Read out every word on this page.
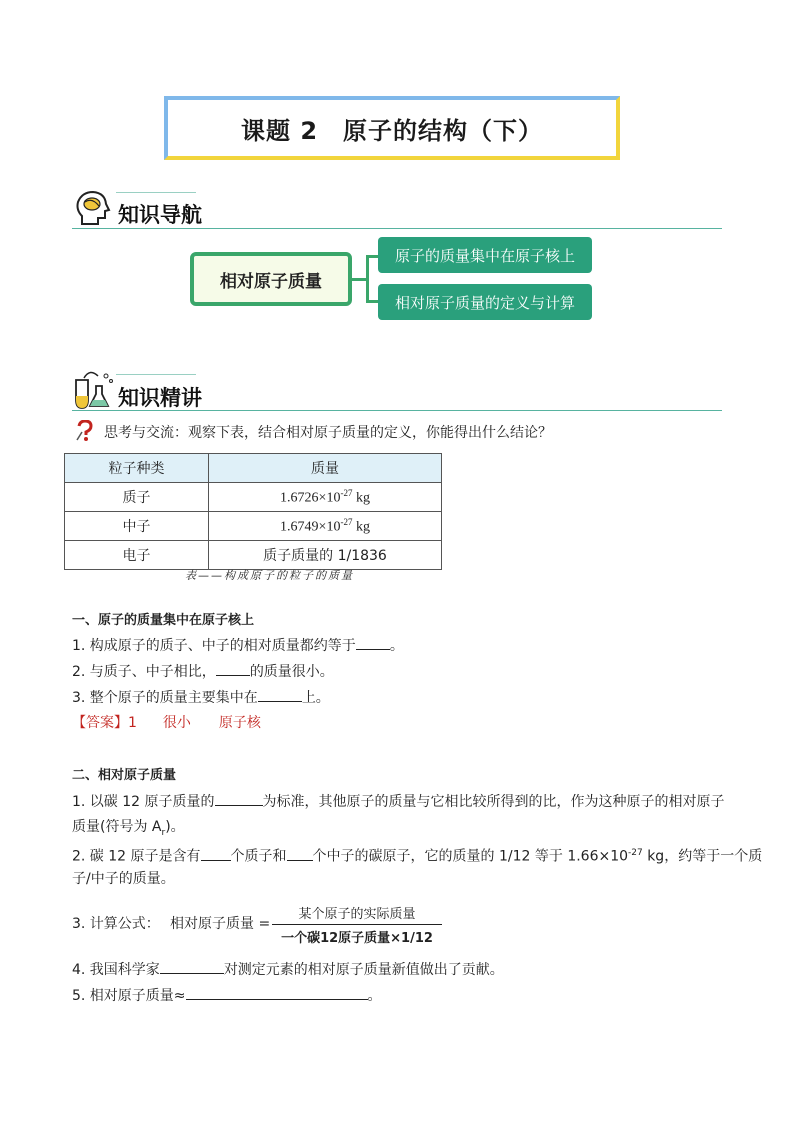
课题 2　原子的结构（下）
知识导航
相对原子质量
原子的质量集中在原子核上
相对原子质量的定义与计算
知识精讲
思考与交流：观察下表，结合相对原子质量的定义，你能得出什么结论？
粒子种类	质量
质子	$1.6726\times 10^{-27}$ kg
中子	$1.6749\times 10^{-27}$ kg
电子	质子质量的 1/1836
表——构成原子的粒子的质量
一、原子的质量集中在原子核上
1. 构成原子的质子、中子的相对质量都约等于 。
2. 与质子、中子相比， 的质量很小。
3. 整个原子的质量主要集中在	上。
【答案】1 很小 原子核
二、相对原子质量
1. 以碳 12 原子质量的	为标准，其他原子的质量与它相比较所得到的比，作为这种原子的相对原子
质量(符号为 $A_r$)。
2. 碳 12 原子是含有 个质子和 个中子的碳原子，它的质量的 1/12 等于 $1.66\times 10^{-27}$ kg，约等于一个质
子/中子的质量。
3. 计算公式： 相对原子质量 =
某个原子的实际质量
一个碳12原子质量×1/12
4. 我国科学家	对测定元素的相对原子质量新值做出了贡献。
5. 相对原子质量≈	。
